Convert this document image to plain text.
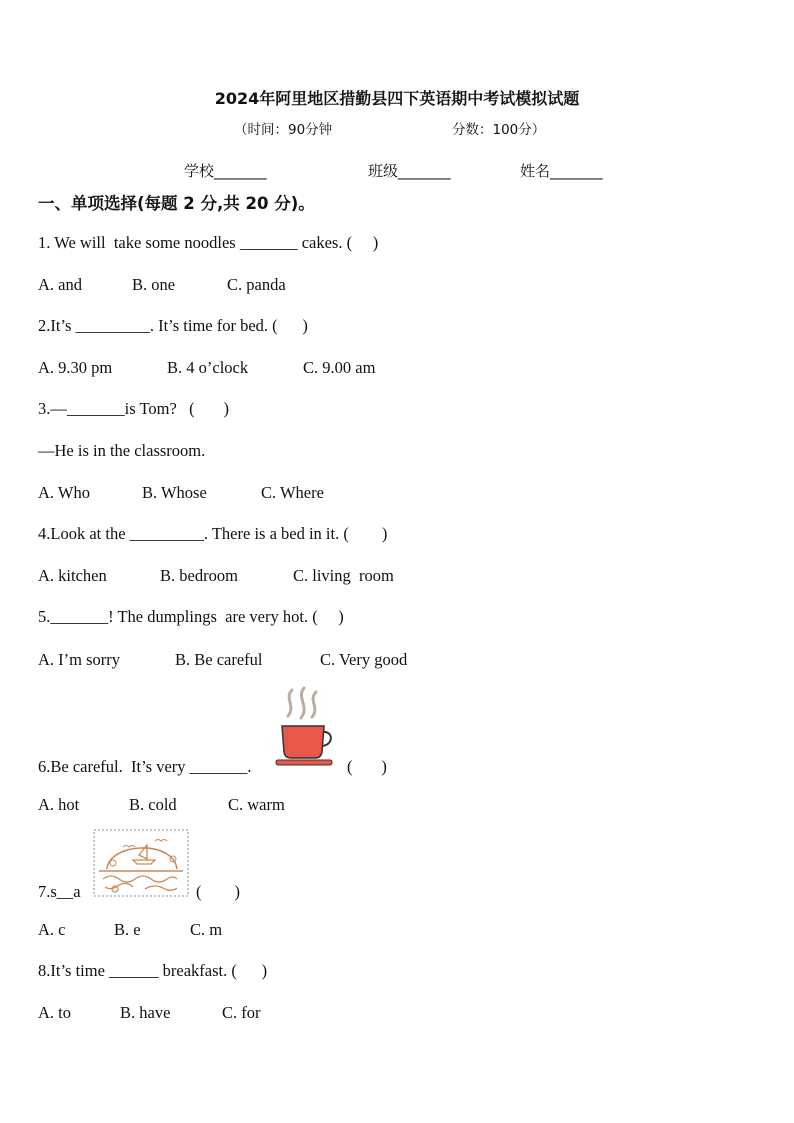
2024年阿里地区措勤县四下英语期中考试模拟试题
（时间：90分钟	分数：100分）
学校_______	班级_______	姓名_______
一、单项选择(每题 2 分,共 20 分)。
1. We will  take some noodles _______ cakes. (     )
A. and	B. one	C. panda
2.It’s _________. It’s time for bed. (      )
A. 9.30 pm	B. 4 o’clock	C. 9.00 am
3.—_______is Tom?   (       )
—He is in the classroom.
A. Who	B. Whose	C. Where
4.Look at the _________. There is a bed in it. (        )
A. kitchen	B. bedroom	C. living  room
5._______! The dumplings  are very hot. (     )
A. I’m sorry	B. Be careful	C. Very good
6.Be careful.  It’s very _______.	(       )
A. hot	B. cold	C. warm
7.s__a	(        )
A. c	B. e	C. m
8.It’s time ______ breakfast. (      )
A. to	B. have	C. for
